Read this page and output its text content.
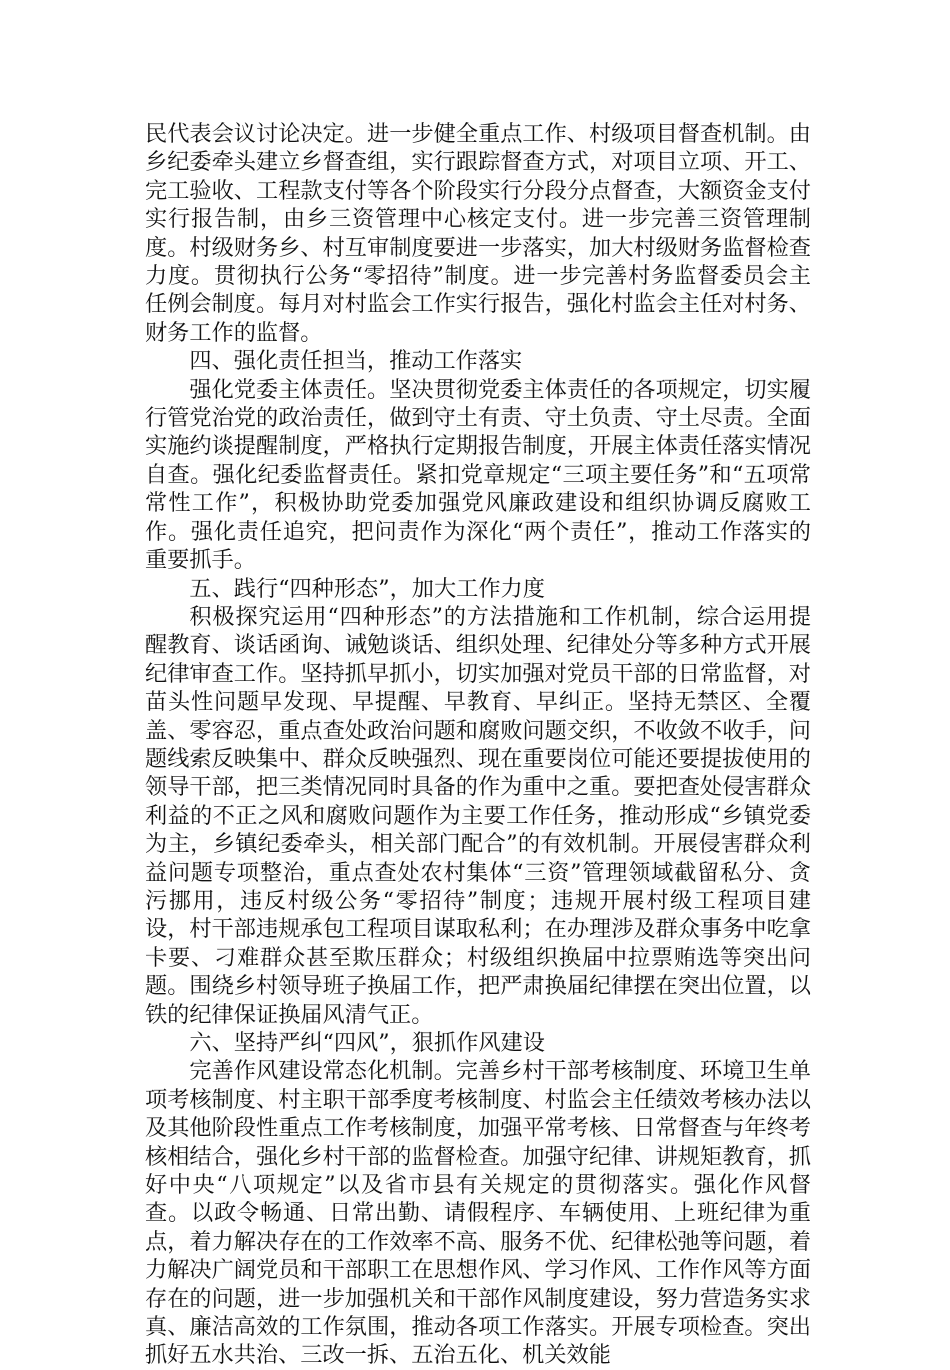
民代表会议讨论决定。进一步健全重点工作、村级项目督查机制。由乡纪委牵头建立乡督查组，实行跟踪督查方式，对项目立项、开工、完工验收、工程款支付等各个阶段实行分段分点督查，大额资金支付实行报告制，由乡三资管理中心核定支付。进一步完善三资管理制度。村级财务乡、村互审制度要进一步落实，加大村级财务监督检查力度。贯彻执行公务“零招待”制度。进一步完善村务监督委员会主任例会制度。每月对村监会工作实行报告，强化村监会主任对村务、财务工作的监督。

四、强化责任担当，推动工作落实

强化党委主体责任。坚决贯彻党委主体责任的各项规定，切实履行管党治党的政治责任，做到守土有责、守土负责、守土尽责。全面实施约谈提醒制度，严格执行定期报告制度，开展主体责任落实情况自查。强化纪委监督责任。紧扣党章规定“三项主要任务”和“五项常常性工作”，积极协助党委加强党风廉政建设和组织协调反腐败工作。强化责任追究，把问责作为深化“两个责任”，推动工作落实的重要抓手。

五、践行“四种形态”，加大工作力度

积极探究运用“四种形态”的方法措施和工作机制，综合运用提醒教育、谈话函询、诫勉谈话、组织处理、纪律处分等多种方式开展纪律审查工作。坚持抓早抓小，切实加强对党员干部的日常监督，对苗头性问题早发现、早提醒、早教育、早纠正。坚持无禁区、全覆盖、零容忍，重点查处政治问题和腐败问题交织，不收敛不收手，问题线索反映集中、群众反映强烈、现在重要岗位可能还要提拔使用的领导干部，把三类情况同时具备的作为重中之重。要把查处侵害群众利益的不正之风和腐败问题作为主要工作任务，推动形成“乡镇党委为主，乡镇纪委牵头，相关部门配合”的有效机制。开展侵害群众利益问题专项整治，重点查处农村集体“三资”管理领域截留私分、贪污挪用，违反村级公务“零招待”制度；违规开展村级工程项目建设，村干部违规承包工程项目谋取私利；在办理涉及群众事务中吃拿卡要、刁难群众甚至欺压群众；村级组织换届中拉票贿选等突出问题。围绕乡村领导班子换届工作，把严肃换届纪律摆在突出位置，以铁的纪律保证换届风清气正。

六、坚持严纠“四风”，狠抓作风建设

完善作风建设常态化机制。完善乡村干部考核制度、环境卫生单项考核制度、村主职干部季度考核制度、村监会主任绩效考核办法以及其他阶段性重点工作考核制度，加强平常考核、日常督查与年终考核相结合，强化乡村干部的监督检查。加强守纪律、讲规矩教育，抓好中央“八项规定”以及省市县有关规定的贯彻落实。强化作风督查。以政令畅通、日常出勤、请假程序、车辆使用、上班纪律为重点，着力解决存在的工作效率不高、服务不优、纪律松弛等问题，着力解决广阔党员和干部职工在思想作风、学习作风、工作作风等方面存在的问题，进一步加强机关和干部作风制度建设，努力营造务实求真、廉洁高效的工作氛围，推动各项工作落实。开展专项检查。突出抓好五水共治、三改一拆、五治五化、机关效能
